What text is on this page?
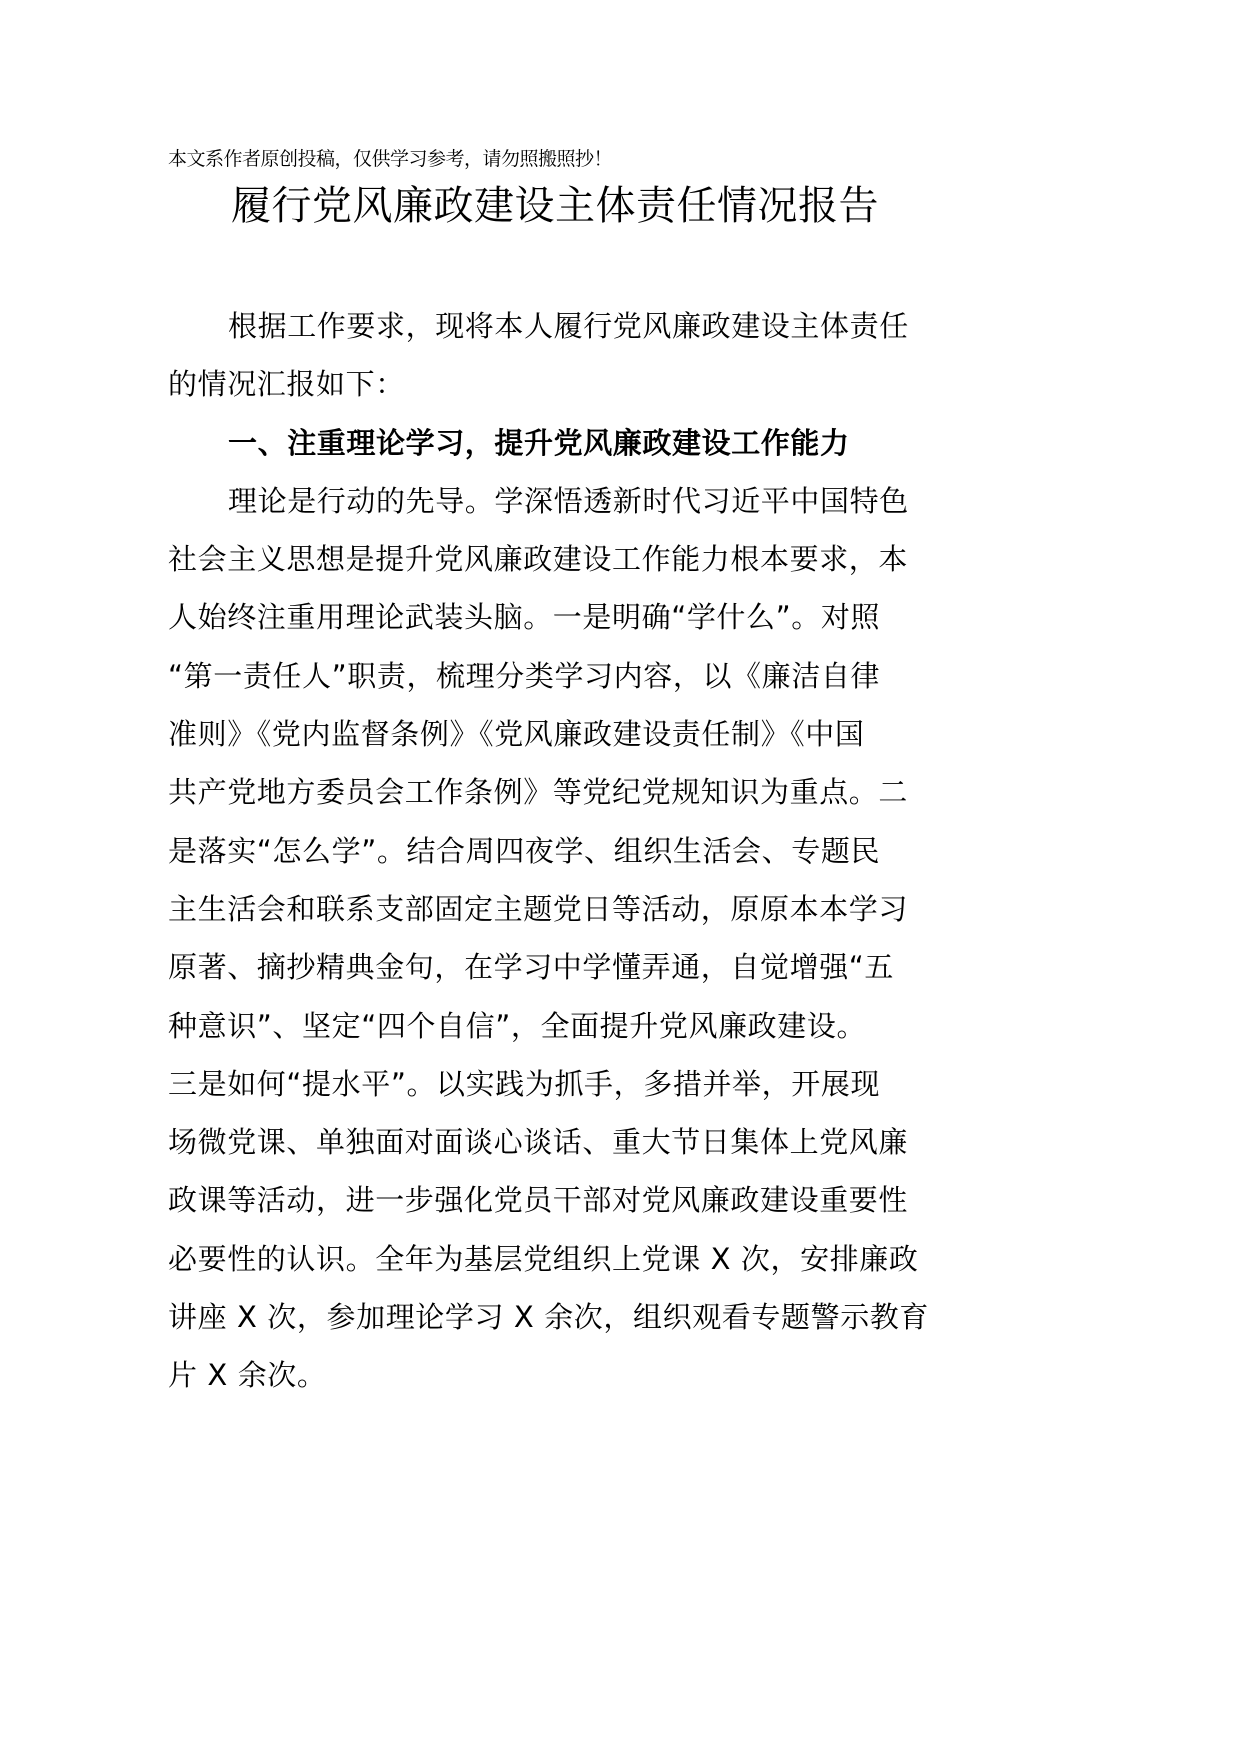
本文系作者原创投稿，仅供学习参考，请勿照搬照抄！
履行党风廉政建设主体责任情况报告
根据工作要求，现将本人履行党风廉政建设主体责任
的情况汇报如下：
一、注重理论学习，提升党风廉政建设工作能力
理论是行动的先导。学深悟透新时代习近平中国特色
社会主义思想是提升党风廉政建设工作能力根本要求，本
人始终注重用理论武装头脑。一是明确“学什么”。对照
“第一责任人”职责，梳理分类学习内容，以《廉洁自律
准则》《党内监督条例》《党风廉政建设责任制》《中国
共产党地方委员会工作条例》等党纪党规知识为重点。二
是落实“怎么学”。结合周四夜学、组织生活会、专题民
主生活会和联系支部固定主题党日等活动，原原本本学习
原著、摘抄精典金句，在学习中学懂弄通，自觉增强“五
种意识”、坚定“四个自信”，全面提升党风廉政建设。
三是如何“提水平”。以实践为抓手，多措并举，开展现
场微党课、单独面对面谈心谈话、重大节日集体上党风廉
政课等活动，进一步强化党员干部对党风廉政建设重要性
必要性的认识。全年为基层党组织上党课 X 次，安排廉政
讲座 X 次，参加理论学习 X 余次，组织观看专题警示教育
片 X 余次。
